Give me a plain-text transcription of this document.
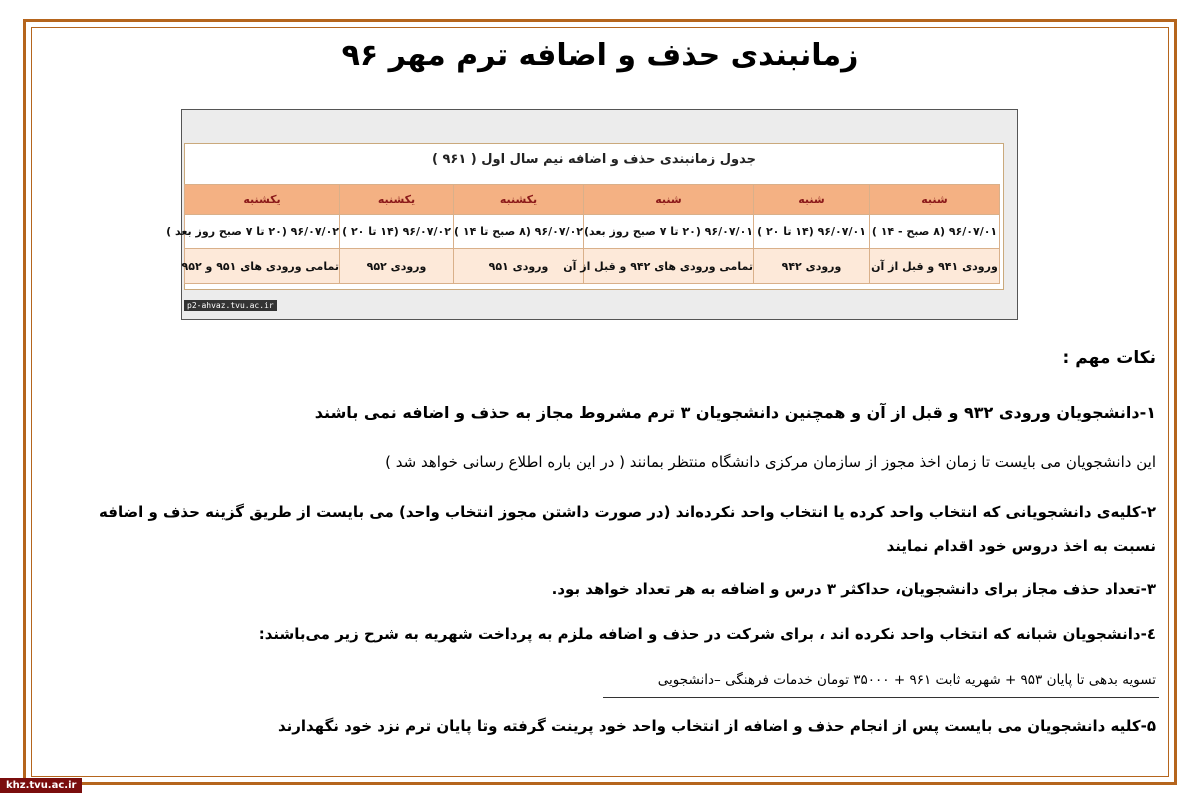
زمانبندی حذف و اضافه ترم مهر ۹۶
جدول زمانبندی حذف و اضافه نیم سال اول ( ۹۶۱ )
شنبه	شنبه	شنبه	یکشنبه	یکشنبه	یکشنبه
۹۶/۰۷/۰۱ (۸ صبح - ۱۴ )	۹۶/۰۷/۰۱ (۱۴ تا ۲۰ )	۹۶/۰۷/۰۱ (۲۰ تا ۷ صبح روز بعد)	۹۶/۰۷/۰۲ (۸ صبح تا ۱۴ )	۹۶/۰۷/۰۲ (۱۴ تا ۲۰ )	۹۶/۰۷/۰۲ (۲۰ تا ۷ صبح روز بعد )
ورودی ۹۴۱ و قبل از آن	ورودی ۹۴۲	تمامی ورودی های ۹۴۲ و قبل از آن	ورودی ۹۵۱	ورودی ۹۵۲	تمامی ورودی های ۹۵۱ و ۹۵۲
p2-ahvaz.tvu.ac.ir
نکات مهم :
۱-دانشجویان ورودی ۹۳۲ و قبل از آن و همچنین دانشجویان ۳ ترم مشروط مجاز به حذف و اضافه نمی باشند
این دانشجویان می بایست تا زمان اخذ مجوز از سازمان مرکزی دانشگاه منتظر بمانند ( در این باره اطلاع رسانی خواهد شد )
۲-کلیه‌ی دانشجویانی که انتخاب واحد کرده یا انتخاب واحد نکرده‌اند (در صورت داشتن مجوز انتخاب واحد) می بایست از طریق گزینه حذف و اضافه
نسبت به اخذ دروس خود اقدام نمایند
۳-تعداد حذف مجاز برای دانشجویان، حداکثر ۳ درس و اضافه به هر تعداد خواهد بود.
٤-دانشجویان شبانه که انتخاب واحد نکرده اند ، برای شرکت در حذف و اضافه ملزم به پرداخت شهریه به شرح زیر می‌باشند:
تسویه بدهی تا پایان ۹۵۳ + شهریه ثابت ۹۶۱ + ۳۵۰۰۰ تومان خدمات فرهنگی –دانشجویی
۵-کلیه دانشجویان می بایست پس از انجام حذف و اضافه از انتخاب واحد خود پرینت گرفته وتا پایان ترم نزد خود نگهدارند
khz.tvu.ac.ir
